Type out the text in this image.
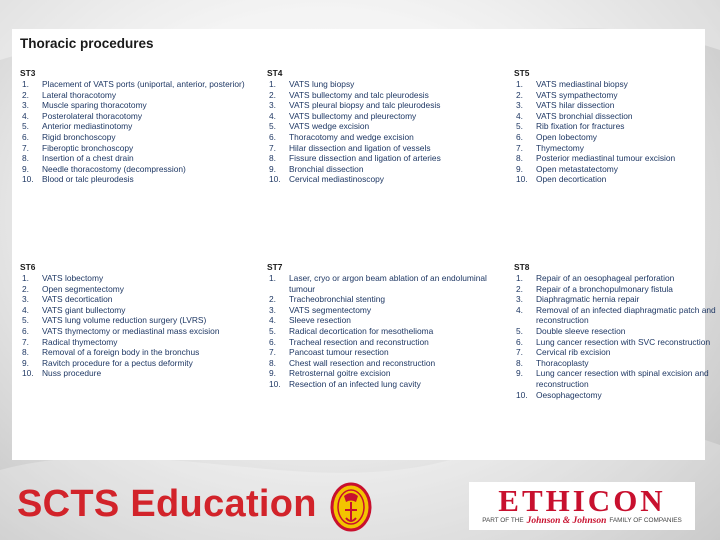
Thoracic procedures
ST3
1.	Placement of VATS ports (uniportal, anterior, posterior)
2.	Lateral thoracotomy
3.	Muscle sparing thoracotomy
4.	Posterolateral thoracotomy
5.	Anterior mediastinotomy
6.	Rigid bronchoscopy
7.	Fiberoptic bronchoscopy
8.	Insertion of a chest drain
9.	Needle thoracostomy (decompression)
10. Blood or talc pleurodesis
ST4
1.	VATS lung biopsy
2.	VATS bullectomy and talc pleurodesis
3.	VATS pleural biopsy and talc pleurodesis
4.	VATS bullectomy and pleurectomy
5.	VATS wedge excision
6.	Thoracotomy and wedge excision
7.	Hilar dissection and ligation of vessels
8.	Fissure dissection and ligation of arteries
9.	Bronchial dissection
10. Cervical mediastinoscopy
ST5
1.	VATS mediastinal biopsy
2.	VATS sympathectomy
3.	VATS hilar dissection
4.	VATS bronchial dissection
5.	Rib fixation for fractures
6.	Open lobectomy
7.	Thymectomy
8.	Posterior mediastinal tumour excision
9.	Open metastatectomy
10. Open decortication
ST6
1.	VATS lobectomy
2.	Open segmentectomy
3.	VATS decortication
4.	VATS giant bullectomy
5.	VATS lung volume reduction surgery (LVRS)
6.	VATS thymectomy or mediastinal mass excision
7.	Radical thymectomy
8.	Removal of a foreign body in the bronchus
9.	Ravitch procedure for a pectus deformity
10. Nuss procedure
ST7
1.	Laser, cryo or argon beam ablation of an endoluminal tumour
2.	Tracheobronchial stenting
3.	VATS segmentectomy
4.	Sleeve resection
5.	Radical decortication for mesothelioma
6.	Tracheal resection and reconstruction
7.	Pancoast tumour resection
8.	Chest wall resection and reconstruction
9.	Retrosternal goitre excision
10. Resection of an infected lung cavity
ST8
1.	Repair of an oesophageal perforation
2.	Repair of a bronchopulmonary fistula
3.	Diaphragmatic hernia repair
4.	Removal of an infected diaphragmatic patch and reconstruction
5.	Double sleeve resection
6.	Lung cancer resection with SVC reconstruction
7.	Cervical rib excision
8.	Thoracoplasty
9.	Lung cancer resection with spinal excision and reconstruction
10. Oesophagectomy
SCTS Education	ETHICON
PART OF THE Johnson & Johnson FAMILY OF COMPANIES
